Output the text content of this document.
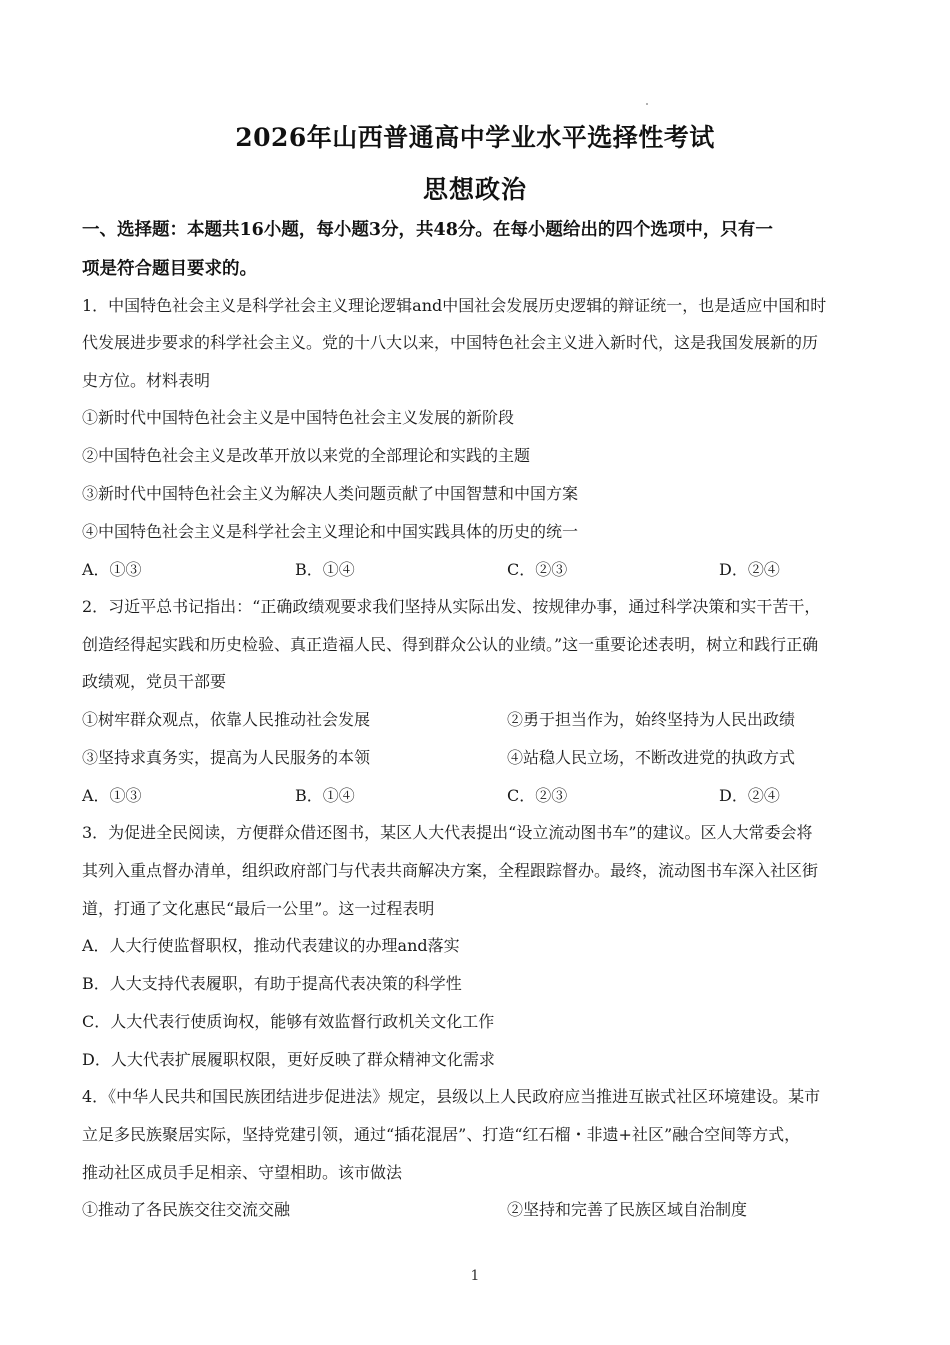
2026年山西普通高中学业水平选择性考试
思想政治
一、选择题：本题共16小题，每小题3分，共48分。在每小题给出的四个选项中，只有一
项是符合题目要求的。
1．中国特色社会主义是科学社会主义理论逻辑and中国社会发展历史逻辑的辩证统一，也是适应中国和时
代发展进步要求的科学社会主义。党的十八大以来，中国特色社会主义进入新时代，这是我国发展新的历
史方位。材料表明
①新时代中国特色社会主义是中国特色社会主义发展的新阶段
②中国特色社会主义是改革开放以来党的全部理论和实践的主题
③新时代中国特色社会主义为解决人类问题贡献了中国智慧和中国方案
④中国特色社会主义是科学社会主义理论和中国实践具体的历史的统一
A．①③	B．①④	C．②③	D．②④
2．习近平总书记指出：“正确政绩观要求我们坚持从实际出发、按规律办事，通过科学决策和实干苦干，
创造经得起实践和历史检验、真正造福人民、得到群众公认的业绩。”这一重要论述表明，树立和践行正确
政绩观，党员干部要
①树牢群众观点，依靠人民推动社会发展	②勇于担当作为，始终坚持为人民出政绩
③坚持求真务实，提高为人民服务的本领	④站稳人民立场，不断改进党的执政方式
A．①③	B．①④	C．②③	D．②④
3．为促进全民阅读，方便群众借还图书，某区人大代表提出“设立流动图书车”的建议。区人大常委会将
其列入重点督办清单，组织政府部门与代表共商解决方案，全程跟踪督办。最终，流动图书车深入社区街
道，打通了文化惠民“最后一公里”。这一过程表明
A．人大行使监督职权，推动代表建议的办理and落实
B．人大支持代表履职，有助于提高代表决策的科学性
C．人大代表行使质询权，能够有效监督行政机关文化工作
D．人大代表扩展履职权限，更好反映了群众精神文化需求
4．《中华人民共和国民族团结进步促进法》规定，县级以上人民政府应当推进互嵌式社区环境建设。某市
立足多民族聚居实际，坚持党建引领，通过“插花混居”、打造“红石榴・非遗+社区”融合空间等方式，
推动社区成员手足相亲、守望相助。该市做法
①推动了各民族交往交流交融	②坚持和完善了民族区域自治制度
1
